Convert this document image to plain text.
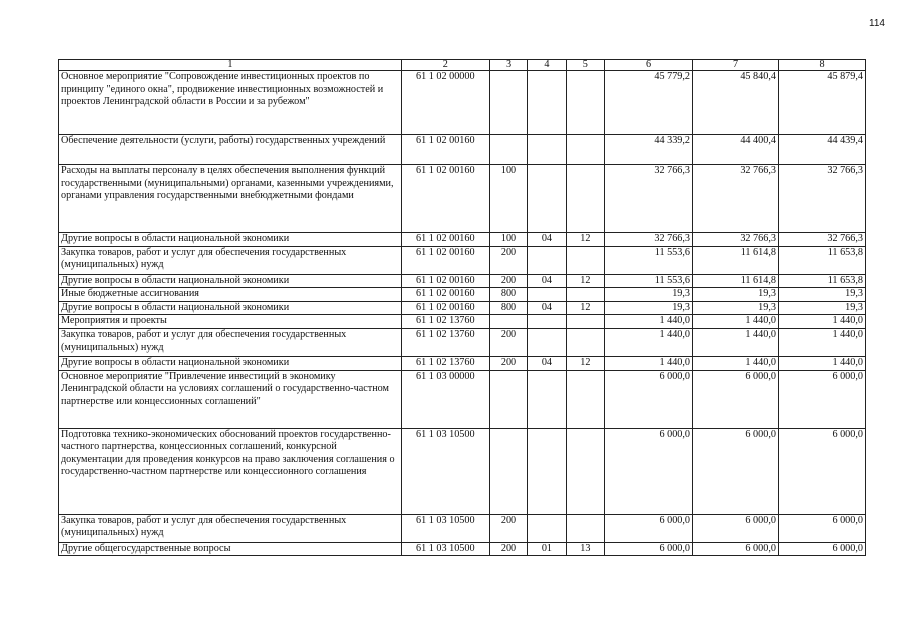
114
1	2	3	4	5	6	7	8
Основное мероприятие "Сопровождение инвестиционных проектов по принципу "единого окна", продвижение инвестиционных возможностей и проектов Ленинградской области в России и за рубежом"	61 1 02 00000				45 779,2	45 840,4	45 879,4
Обеспечение деятельности (услуги, работы) государственных учреждений	61 1 02 00160				44 339,2	44 400,4	44 439,4
Расходы на выплаты персоналу в целях обеспечения выполнения функций государственными (муниципальными) органами, казенными учреждениями, органами управления государственными внебюджетными фондами	61 1 02 00160	100			32 766,3	32 766,3	32 766,3
Другие вопросы в области национальной экономики	61 1 02 00160	100	04	12	32 766,3	32 766,3	32 766,3
Закупка товаров, работ и услуг для обеспечения государственных (муниципальных) нужд	61 1 02 00160	200			11 553,6	11 614,8	11 653,8
Другие вопросы в области национальной экономики	61 1 02 00160	200	04	12	11 553,6	11 614,8	11 653,8
Иные бюджетные ассигнования	61 1 02 00160	800			19,3	19,3	19,3
Другие вопросы в области национальной экономики	61 1 02 00160	800	04	12	19,3	19,3	19,3
Мероприятия и проекты	61 1 02 13760				1 440,0	1 440,0	1 440,0
Закупка товаров, работ и услуг для обеспечения государственных (муниципальных) нужд	61 1 02 13760	200			1 440,0	1 440,0	1 440,0
Другие вопросы в области национальной экономики	61 1 02 13760	200	04	12	1 440,0	1 440,0	1 440,0
Основное мероприятие "Привлечение инвестиций в экономику Ленинградской области на условиях соглашений о государственно-частном партнерстве или концессионных соглашений"	61 1 03 00000				6 000,0	6 000,0	6 000,0
Подготовка технико-экономических обоснований проектов государственно-частного партнерства, концессионных соглашений, конкурсной документации для проведения конкурсов на право заключения соглашения о государственно-частном партнерстве или концессионного соглашения	61 1 03 10500				6 000,0	6 000,0	6 000,0
Закупка товаров, работ и услуг для обеспечения государственных (муниципальных) нужд	61 1 03 10500	200			6 000,0	6 000,0	6 000,0
Другие общегосударственные вопросы	61 1 03 10500	200	01	13	6 000,0	6 000,0	6 000,0
